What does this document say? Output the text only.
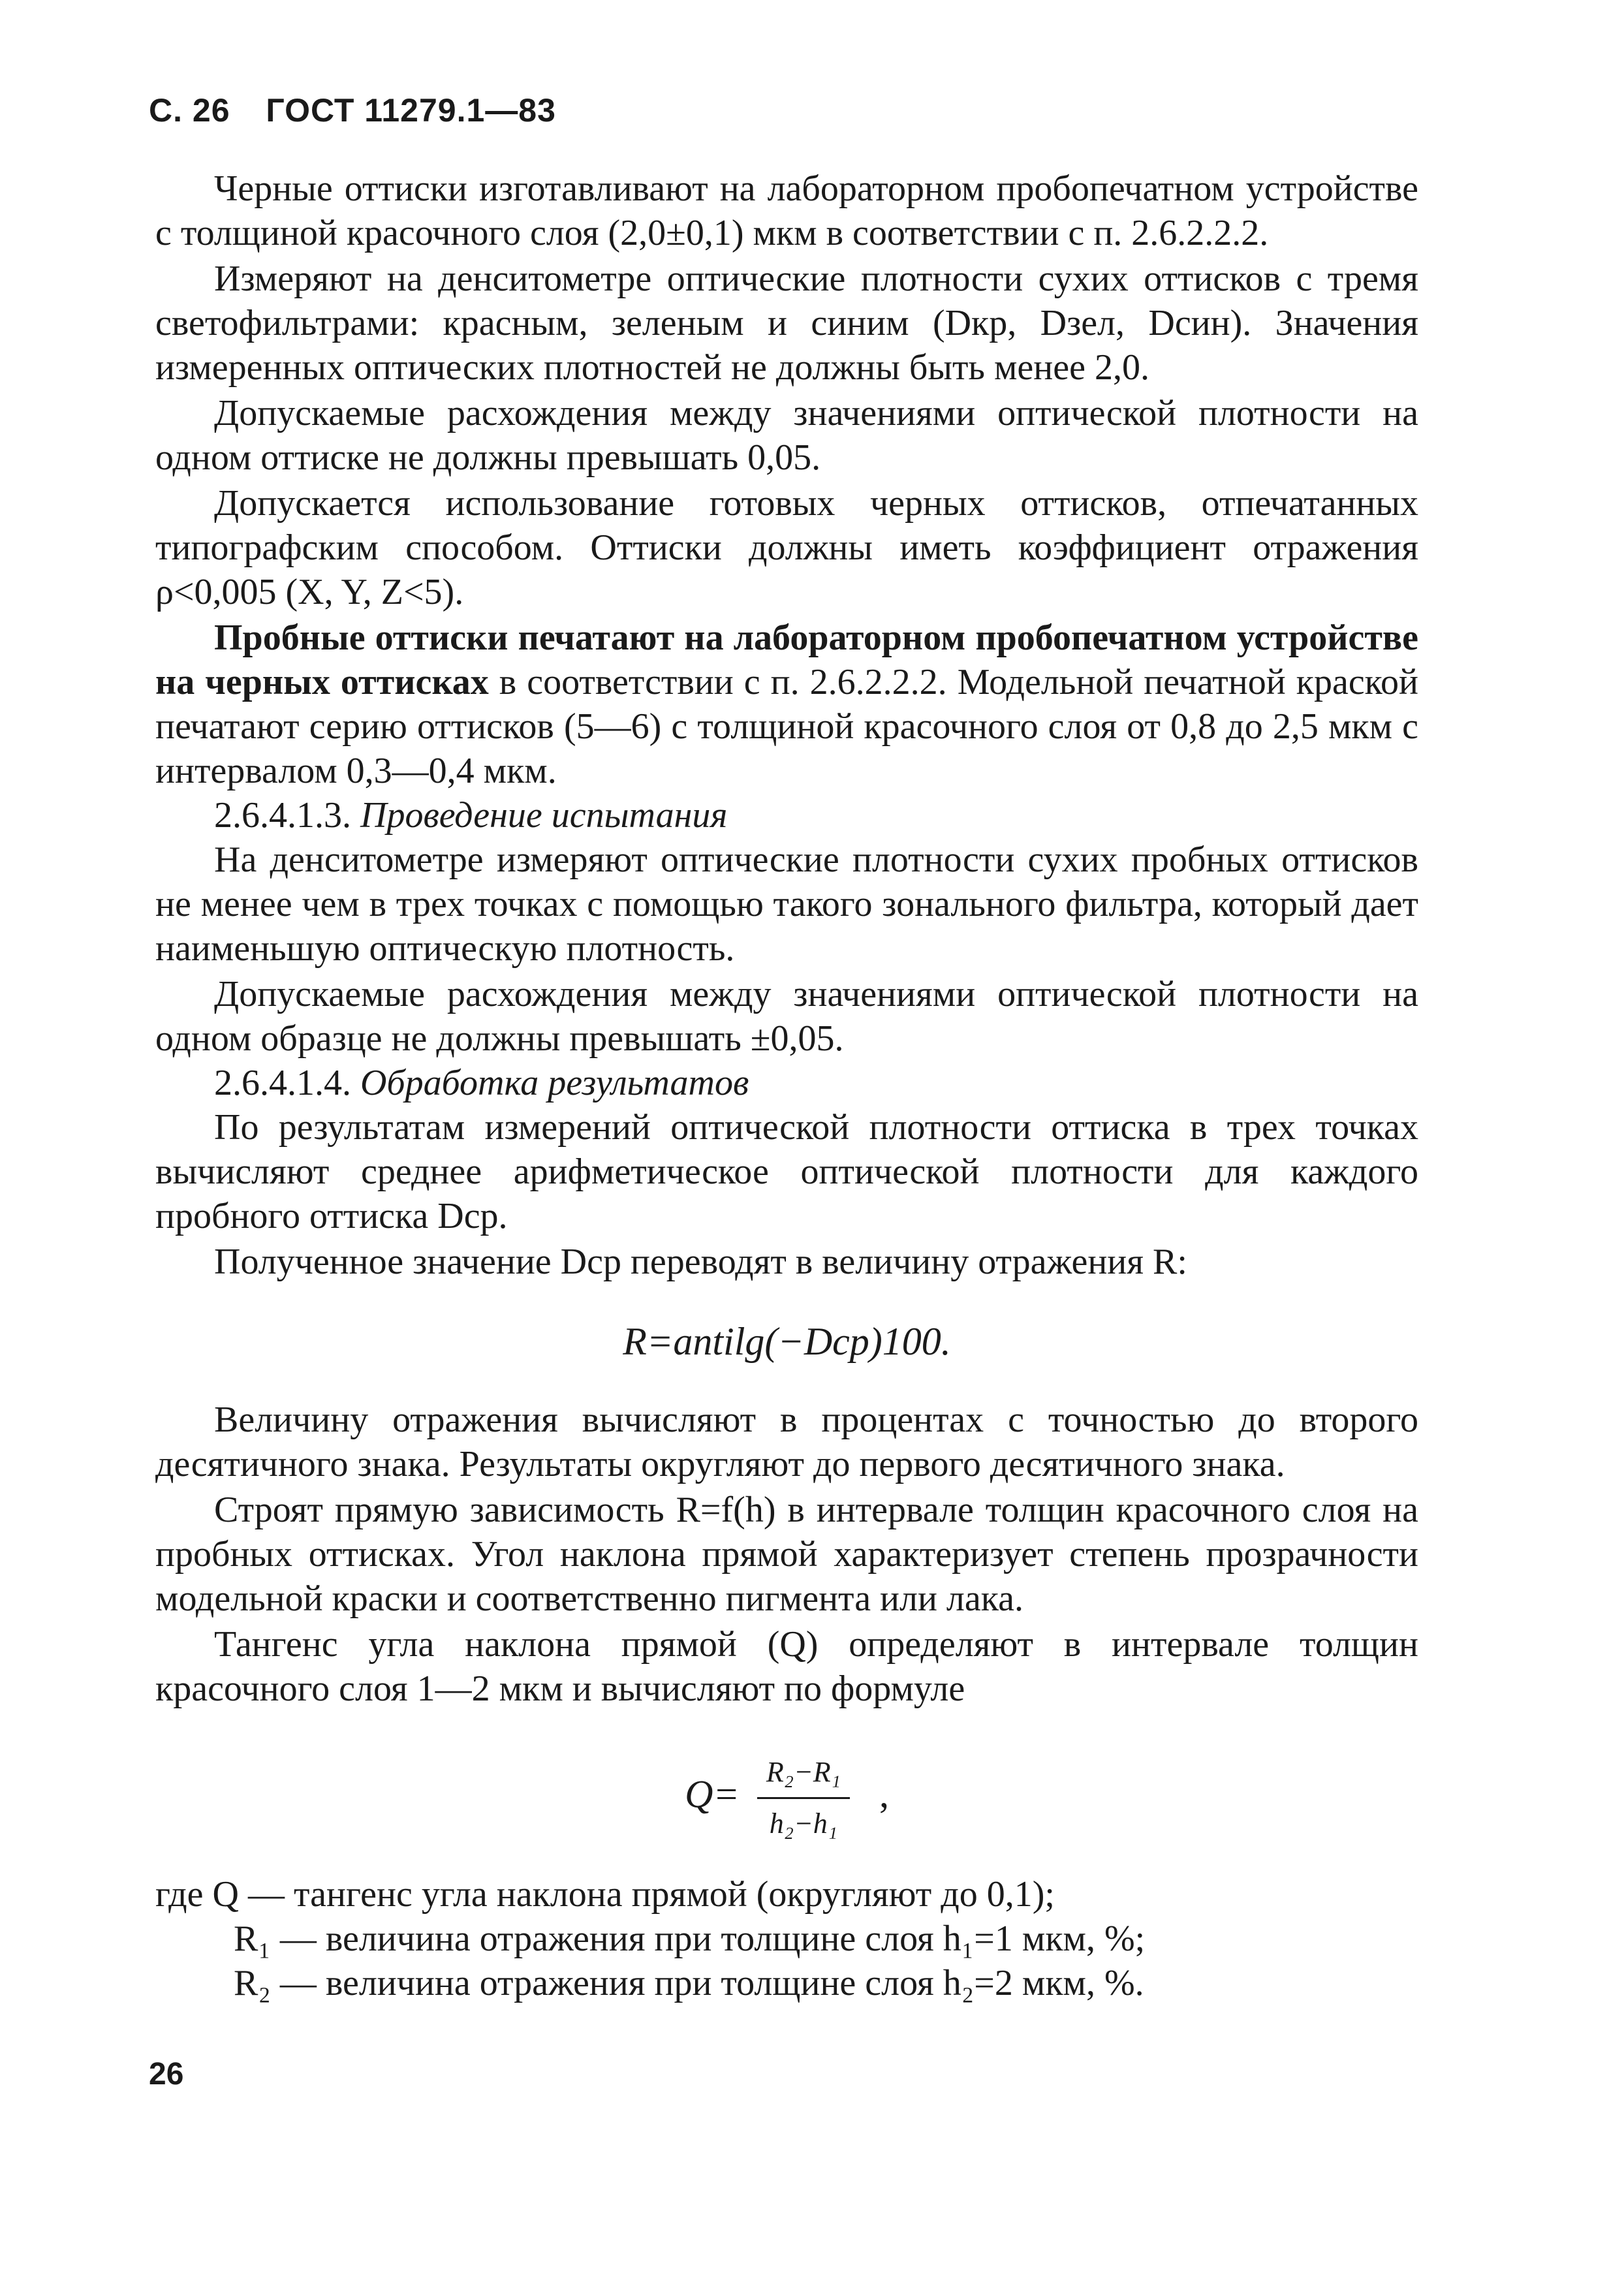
С. 26 ГОСТ 11279.1—83

Черные оттиски изготавливают на лабораторном пробопечатном устройстве с толщиной красочного слоя (2,0±0,1) мкм в соответствии с п. 2.6.2.2.2.

Измеряют на денситометре оптические плотности сухих оттисков с тремя светофильтрами: красным, зеленым и синим (Dкр, Dзел, Dсин). Значения измеренных оптических плотностей не должны быть менее 2,0.

Допускаемые расхождения между значениями оптической плотности на одном оттиске не должны превышать 0,05.

Допускается использование готовых черных оттисков, отпечатанных типографским способом. Оттиски должны иметь коэффициент отражения ρ<0,005 (X, Y, Z<5).

Пробные оттиски печатают на лабораторном пробопечатном устройстве на черных оттисках в соответствии с п. 2.6.2.2.2. Модельной печатной краской печатают серию оттисков (5—6) с толщиной красочного слоя от 0,8 до 2,5 мкм с интервалом 0,3—0,4 мкм.

2.6.4.1.3. Проведение испытания

На денситометре измеряют оптические плотности сухих пробных оттисков не менее чем в трех точках с помощью такого зонального фильтра, который дает наименьшую оптическую плотность.

Допускаемые расхождения между значениями оптической плотности на одном образце не должны превышать ±0,05.

2.6.4.1.4. Обработка результатов

По результатам измерений оптической плотности оттиска в трех точках вычисляют среднее арифметическое оптической плотности для каждого пробного оттиска Dср.

Полученное значение Dср переводят в величину отражения R:

R=antilg(−Dср)100.

Величину отражения вычисляют в процентах с точностью до второго десятичного знака. Результаты округляют до первого десятичного знака.

Строят прямую зависимость R=f(h) в интервале толщин красочного слоя на пробных оттисках. Угол наклона прямой характеризует степень прозрачности модельной краски и соответственно пигмента или лака.

Тангенс угла наклона прямой (Q) определяют в интервале толщин красочного слоя 1—2 мкм и вычисляют по формуле

$Q= \frac{\text{R₂−R₁}}{\text{h₂−h₁}}$ ,

где Q — тангенс угла наклона прямой (округляют до 0,1);

R₁ — величина отражения при толщине слоя h₁=1 мкм, %;

R₂ — величина отражения при толщине слоя h₂=2 мкм, %.

26
